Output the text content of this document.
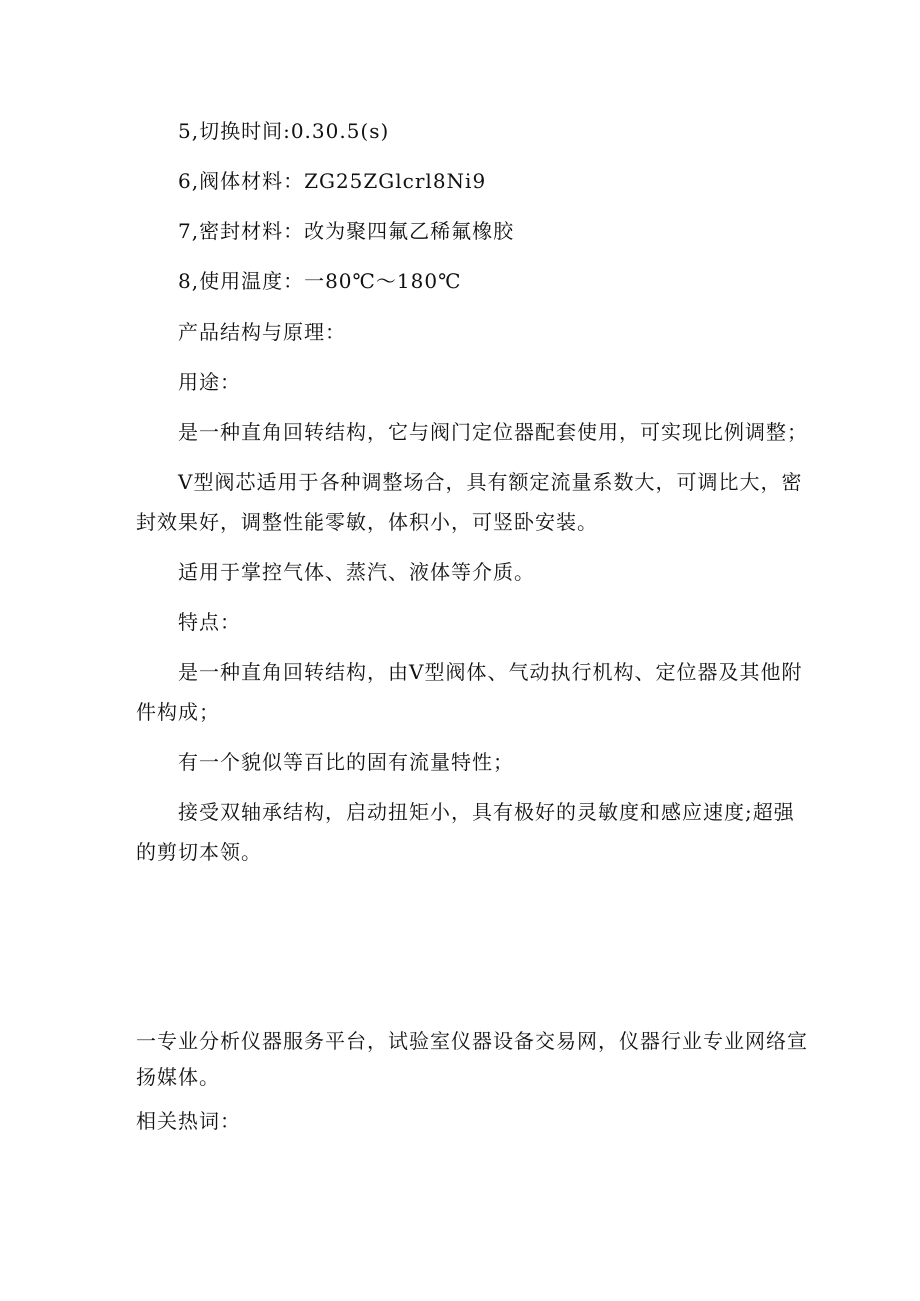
5,切换时间:0.30.5(s)
6,阀体材料：ZG25ZGlcrl8Ni9
7,密封材料：改为聚四氟乙稀氟橡胶
8,使用温度：一80℃～180℃
产品结构与原理：
用途：
是一种直角回转结构，它与阀门定位器配套使用，可实现比例调整；
V型阀芯适用于各种调整场合，具有额定流量系数大，可调比大，密
封效果好，调整性能零敏，体积小，可竖卧安装。
适用于掌控气体、蒸汽、液体等介质。
特点：
是一种直角回转结构，由V型阀体、气动执行机构、定位器及其他附
件构成；
有一个貌似等百比的固有流量特性；
接受双轴承结构，启动扭矩小，具有极好的灵敏度和感应速度;超强
的剪切本领。
一专业分析仪器服务平台，试验室仪器设备交易网，仪器行业专业网络宣
扬媒体。
相关热词：
